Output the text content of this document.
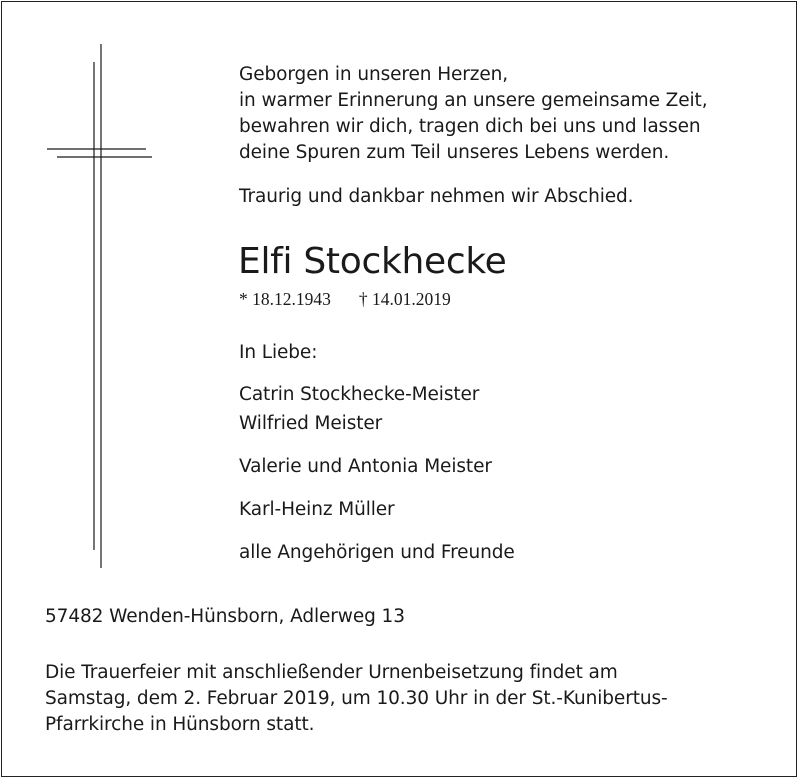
Geborgen in unseren Herzen,
in warmer Erinnerung an unsere gemeinsame Zeit,
bewahren wir dich, tragen dich bei uns und lassen
deine Spuren zum Teil unseres Lebens werden.
Traurig und dankbar nehmen wir Abschied.
Elfi Stockhecke
* 18.12.1943 † 14.01.2019
In Liebe:
Catrin Stockhecke-Meister
Wilfried Meister
Valerie und Antonia Meister
Karl-Heinz Müller
alle Angehörigen und Freunde
57482 Wenden-Hünsborn, Adlerweg 13
Die Trauerfeier mit anschließender Urnenbeisetzung findet am
Samstag, dem 2. Februar 2019, um 10.30 Uhr in der St.-Kunibertus-
Pfarrkirche in Hünsborn statt.
